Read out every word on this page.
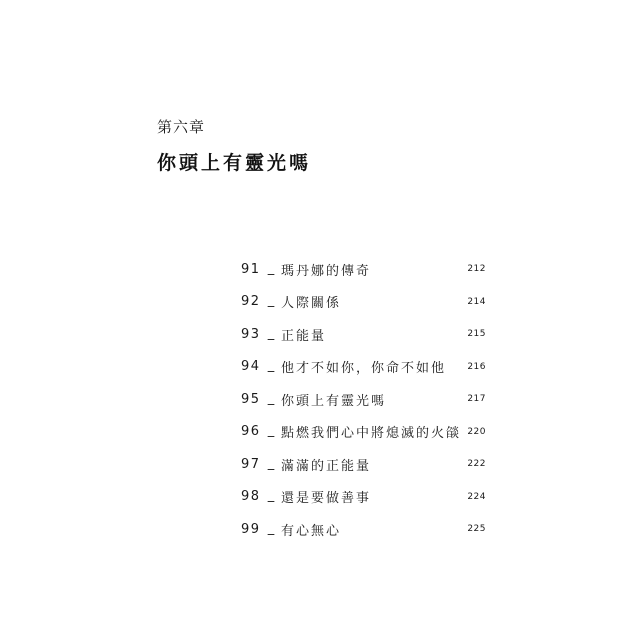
第六章
你頭上有靈光嗎
91 _ 瑪丹娜的傳奇	212
92 _ 人際關係	214
93 _ 正能量	215
94 _ 他才不如你，你命不如他	216
95 _ 你頭上有靈光嗎	217
96 _ 點燃我們心中將熄滅的火燄 220
97 _ 滿滿的正能量	222
98 _ 還是要做善事	224
99 _ 有心無心	225
